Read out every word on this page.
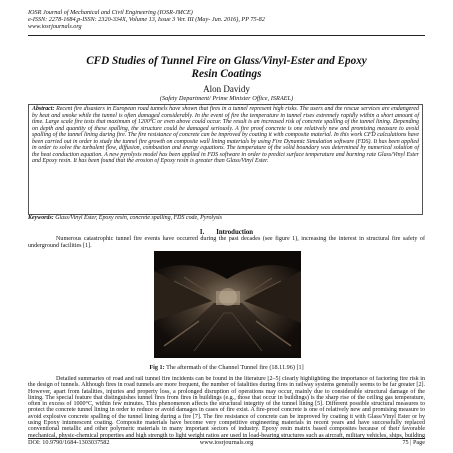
IOSR Journal of Mechanical and Civil Engineering (IOSR-JMCE)
e-ISSN: 2278-1684,p-ISSN: 2320-334X, Volume 13, Issue 3 Ver. III (May- Jun. 2016), PP 75-82
www.iosrjournals.org
CFD Studies of Tunnel Fire on Glass/Vinyl-Ester and Epoxy
Resin Coatings
Alon Davidy
(Safety Department/ Prime Minister Office, ISRAEL)
Abstract: Recent fire disasters in European road tunnels have shown that fires in a tunnel represent high risks. The users and the rescue services are endangered by heat and smoke while the tunnel is often damaged considerably. In the event of fire the temperature in tunnel rises extremely rapidly within a short amount of time. Large scale fire tests that maximum of 1200ºC or even above could occur. The result is an increased risk of concrete spalling of the tunnel lining. Depending on depth and quantity of these spalling, the structure could be damaged seriously. A fire proof concrete is one relatively new and promising measure to avoid spalling of the tunnel lining during fire. The fire resistance of concrete can be improved by coating it with composite material. In this work CFD calculations have been carried out in order to study the tunnel fire growth on composite wall lining materials by using Fire Dynamic Simulation software (FDS). It has been applied in order to solve the turbulent flow, diffusion, combustion and energy equations. The temperature of the solid boundary was determined by numerical solution of the heat conduction equation. A new pyrolysis model has been applied in FDS software in order to predict surface temperature and burning rate Glass/Vinyl Ester and Epoxy resin. It has been found that the erosion of Epoxy resin is greater than Glass/Vinyl Ester.
Keywords: Glass/Vinyl Ester, Epoxy resin, concrete spalling, FDS code, Pyrolysis
I. Introduction
Numerous catastrophic tunnel fire events have occurred during the past decades (see figure 1), increasing the interest in structural fire safety of underground facilities [1].
Fig 1: The aftermath of the Channel Tunnel fire (18.11.96) [1]
Detailed summaries of road and rail tunnel fire incidents can be found in the literature [2–5] clearly highlighting the importance of factoring fire risk in the design of tunnels. Although fires in road tunnels are more frequent, the number of fatalities during fires in railway systems generally seems to be far greater [2]. However, apart from fatalities, injuries and property loss, a prolonged disruption of operations may occur, mainly due to considerable structural damage of the lining. The special feature that distinguishes tunnel fires from fires in buildings (e.g., those that occur in buildings) is the sharp rise of the ceiling gas temperature, often in excess of 1000°C, within few minutes. This phenomenon affects the structural integrity of the tunnel lining [5]. Different possible structural measures to protect the concrete tunnel lining in order to reduce or avoid damages in cases of fire exist. A fire-proof concrete is one of relatively new and promising measure to avoid explosive concrete spalling of the tunnel lining during a fire [7]. The fire resistance of concrete can be improved by coating it with Glass/Vinyl Ester or by using Epoxy intumescent coating. Composite materials have become very competitive engineering materials in recent years and have successfully replaced conventional metallic and other polymeric materials in many important sectors of industry. Epoxy resin matrix based composites because of their favorable mechanical, physic-chemical properties and high strength to light weight ratios are used in load-bearing structures such as aircraft, military vehicles, ships, building
DOI: 10.9790/1684-1303037582	www.iosrjournals.org	75 | Page
